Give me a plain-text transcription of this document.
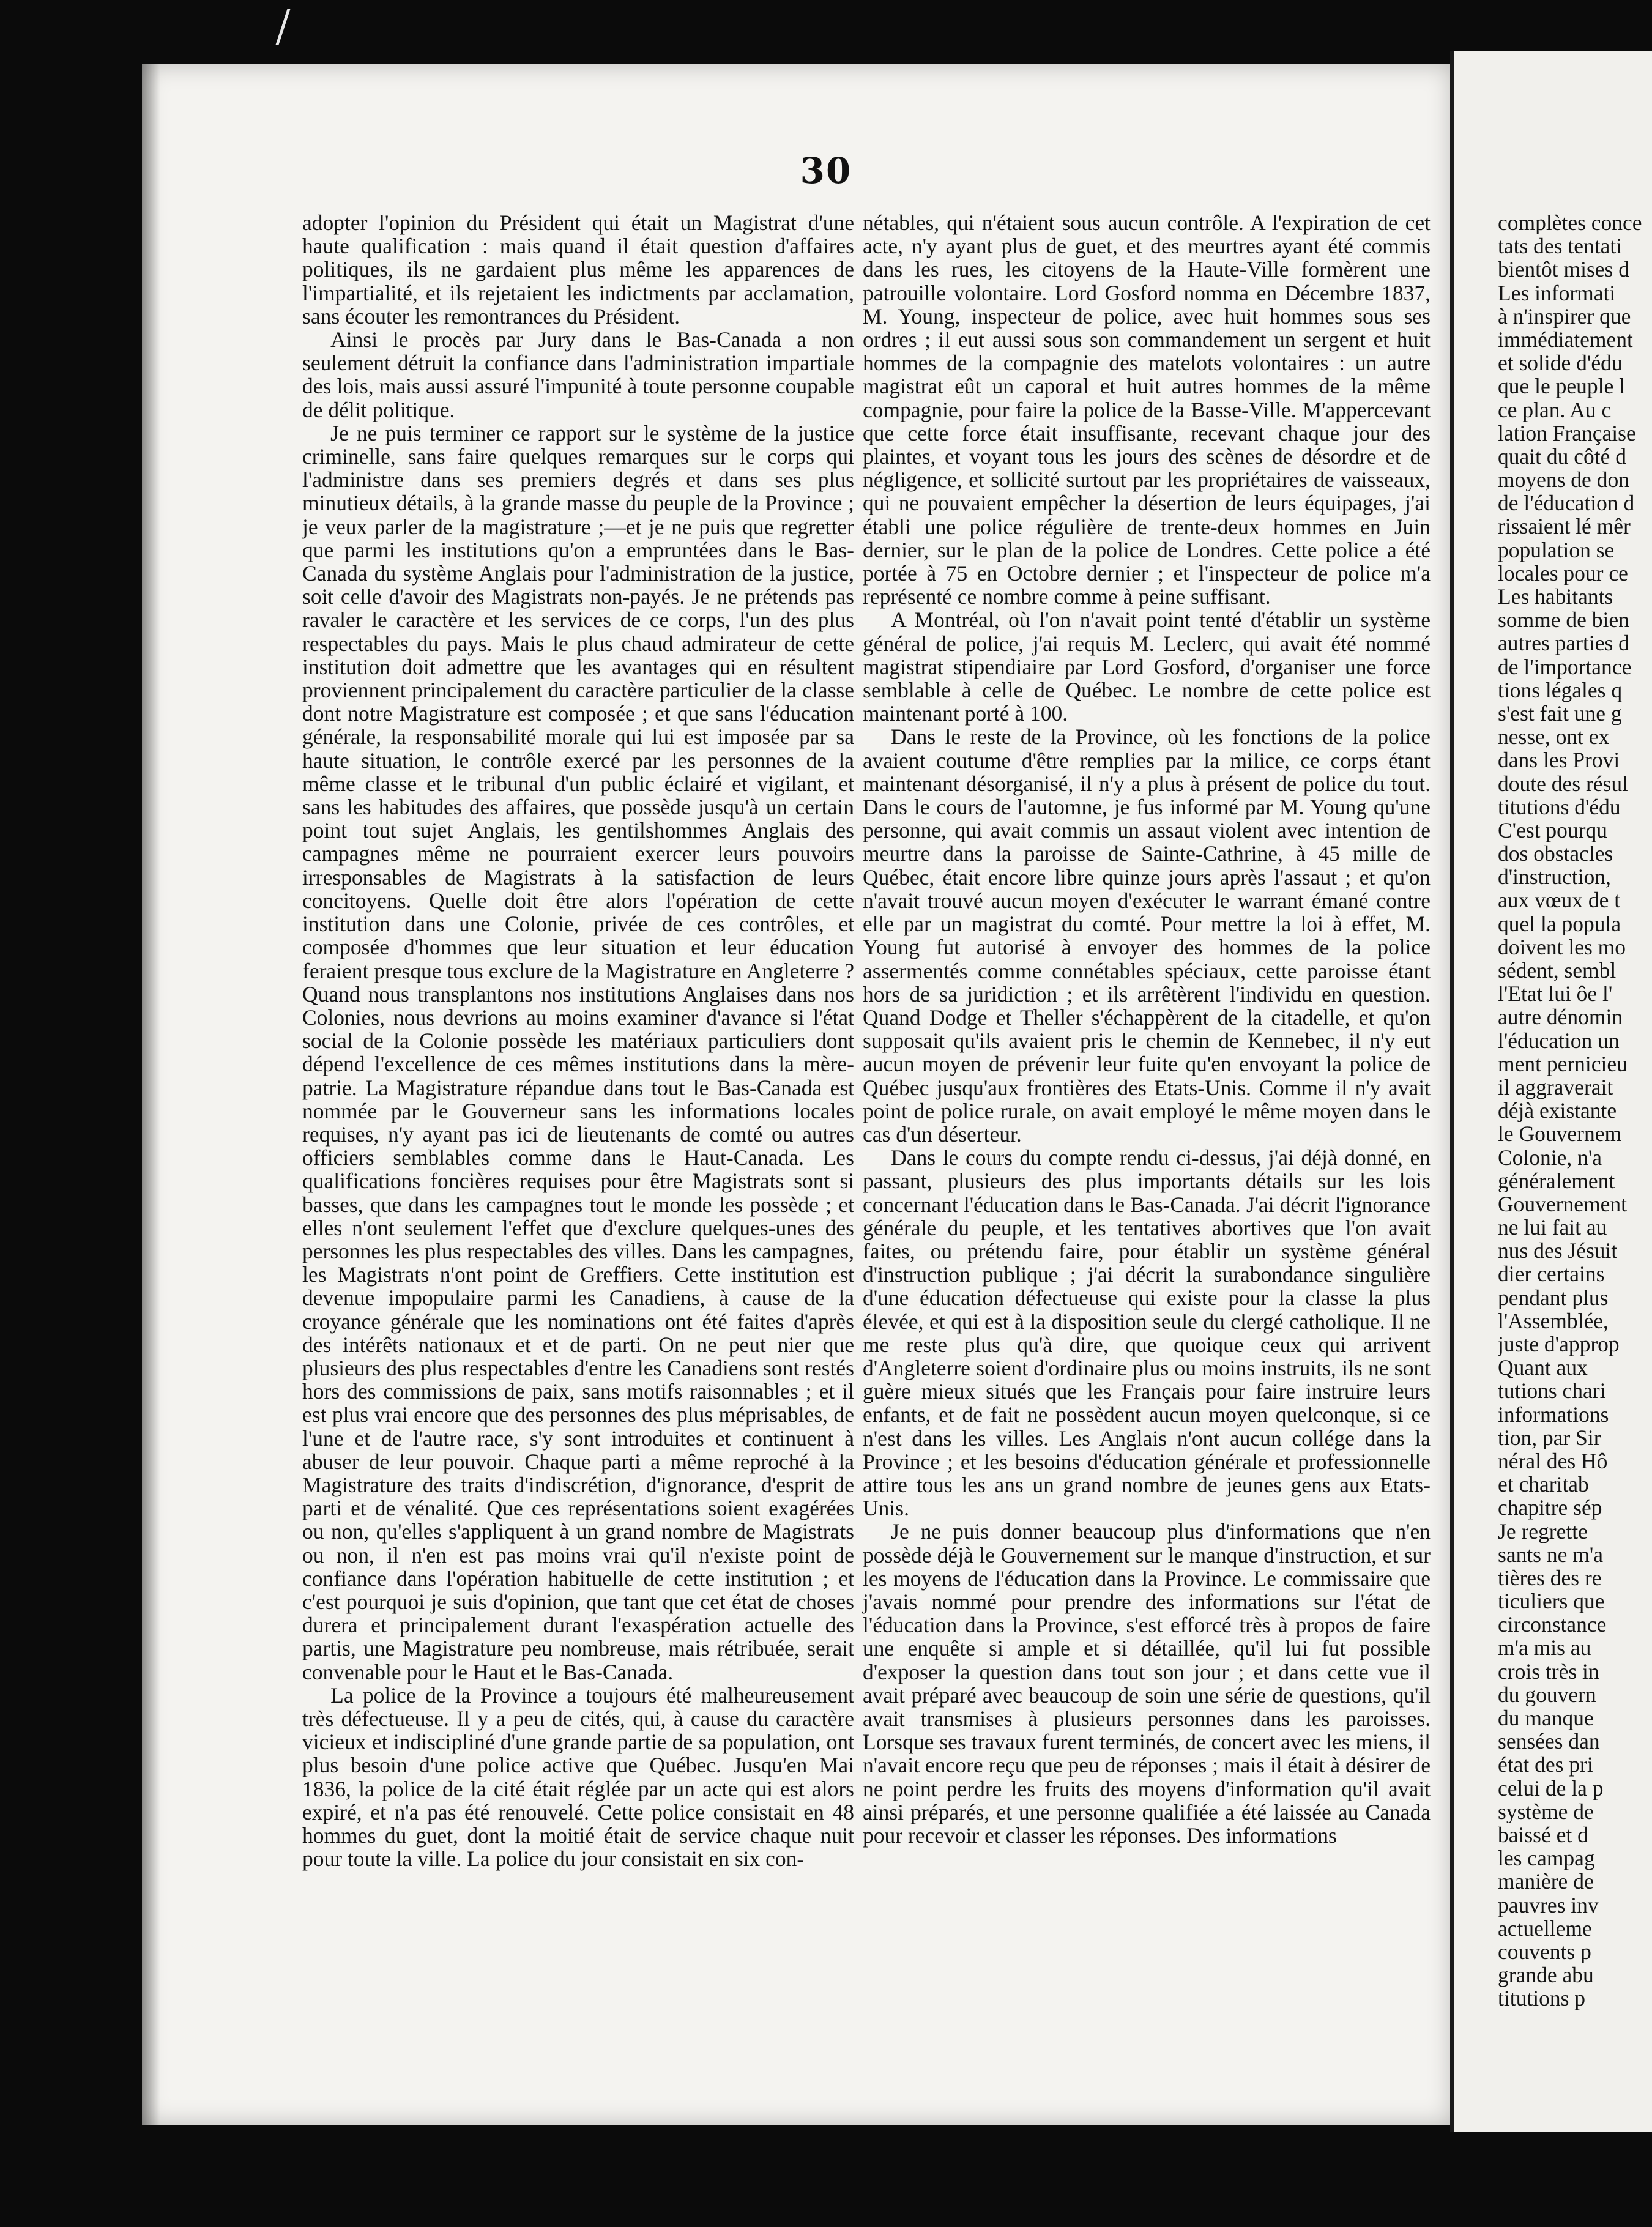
30

adopter l'opinion du Président qui était un Magistrat d'une haute qualification : mais quand il était question d'affaires politiques, ils ne gardaient plus même les apparences de l'impartialité, et ils rejetaient les indictments par acclamation, sans écouter les remontrances du Président.

Ainsi le procès par Jury dans le Bas-Canada a non seulement détruit la confiance dans l'administration impartiale des lois, mais aussi assuré l'impunité à toute personne coupable de délit politique.

Je ne puis terminer ce rapport sur le système de la justice criminelle, sans faire quelques remarques sur le corps qui l'administre dans ses premiers degrés et dans ses plus minutieux détails, à la grande masse du peuple de la Province ; je veux parler de la magistrature ;—et je ne puis que regretter que parmi les institutions qu'on a empruntées dans le Bas-Canada du système Anglais pour l'administration de la justice, soit celle d'avoir des Magistrats non-payés. Je ne prétends pas ravaler le caractère et les services de ce corps, l'un des plus respectables du pays. Mais le plus chaud admirateur de cette institution doit admettre que les avantages qui en résultent proviennent principalement du caractère particulier de la classe dont notre Magistrature est composée ; et que sans l'éducation générale, la responsabilité morale qui lui est imposée par sa haute situation, le contrôle exercé par les personnes de la même classe et le tribunal d'un public éclairé et vigilant, et sans les habitudes des affaires, que possède jusqu'à un certain point tout sujet Anglais, les gentilshommes Anglais des campagnes même ne pourraient exercer leurs pouvoirs irresponsables de Magistrats à la satisfaction de leurs concitoyens. Quelle doit être alors l'opération de cette institution dans une Colonie, privée de ces contrôles, et composée d'hommes que leur situation et leur éducation feraient presque tous exclure de la Magistrature en Angleterre ? Quand nous transplantons nos institutions Anglaises dans nos Colonies, nous devrions au moins examiner d'avance si l'état social de la Colonie possède les matériaux particuliers dont dépend l'excellence de ces mêmes institutions dans la mère-patrie. La Magistrature répandue dans tout le Bas-Canada est nommée par le Gouverneur sans les informations locales requises, n'y ayant pas ici de lieutenants de comté ou autres officiers semblables comme dans le Haut-Canada. Les qualifications foncières requises pour être Magistrats sont si basses, que dans les campagnes tout le monde les possède ; et elles n'ont seulement l'effet que d'exclure quelques-unes des personnes les plus respectables des villes. Dans les campagnes, les Magistrats n'ont point de Greffiers. Cette institution est devenue impopulaire parmi les Canadiens, à cause de la croyance générale que les nominations ont été faites d'après des intérêts nationaux et et de parti. On ne peut nier que plusieurs des plus respectables d'entre les Canadiens sont restés hors des commissions de paix, sans motifs raisonnables ; et il est plus vrai encore que des personnes des plus méprisables, de l'une et de l'autre race, s'y sont introduites et continuent à abuser de leur pouvoir. Chaque parti a même reproché à la Magistrature des traits d'indiscrétion, d'ignorance, d'esprit de parti et de vénalité. Que ces représentations soient exagérées ou non, qu'elles s'appliquent à un grand nombre de Magistrats ou non, il n'en est pas moins vrai qu'il n'existe point de confiance dans l'opération habituelle de cette institution ; et c'est pourquoi je suis d'opinion, que tant que cet état de choses durera et principalement durant l'exaspération actuelle des partis, une Magistrature peu nombreuse, mais rétribuée, serait convenable pour le Haut et le Bas-Canada.

La police de la Province a toujours été malheureusement très défectueuse. Il y a peu de cités, qui, à cause du caractère vicieux et indiscipliné d'une grande partie de sa population, ont plus besoin d'une police active que Québec. Jusqu'en Mai 1836, la police de la cité était réglée par un acte qui est alors expiré, et n'a pas été renouvelé. Cette police consistait en 48 hommes du guet, dont la moitié était de service chaque nuit pour toute la ville. La police du jour consistait en six con-

nétables, qui n'étaient sous aucun contrôle. A l'expiration de cet acte, n'y ayant plus de guet, et des meurtres ayant été commis dans les rues, les citoyens de la Haute-Ville formèrent une patrouille volontaire. Lord Gosford nomma en Décembre 1837, M. Young, inspecteur de police, avec huit hommes sous ses ordres ; il eut aussi sous son commandement un sergent et huit hommes de la compagnie des matelots volontaires : un autre magistrat eût un caporal et huit autres hommes de la même compagnie, pour faire la police de la Basse-Ville. M'appercevant que cette force était insuffisante, recevant chaque jour des plaintes, et voyant tous les jours des scènes de désordre et de négligence, et sollicité surtout par les propriétaires de vaisseaux, qui ne pouvaient empêcher la désertion de leurs équipages, j'ai établi une police régulière de trente-deux hommes en Juin dernier, sur le plan de la police de Londres. Cette police a été portée à 75 en Octobre dernier ; et l'inspecteur de police m'a représenté ce nombre comme à peine suffisant.

A Montréal, où l'on n'avait point tenté d'établir un système général de police, j'ai requis M. Leclerc, qui avait été nommé magistrat stipendiaire par Lord Gosford, d'organiser une force semblable à celle de Québec. Le nombre de cette police est maintenant porté à 100.

Dans le reste de la Province, où les fonctions de la police avaient coutume d'être remplies par la milice, ce corps étant maintenant désorganisé, il n'y a plus à présent de police du tout. Dans le cours de l'automne, je fus informé par M. Young qu'une personne, qui avait commis un assaut violent avec intention de meurtre dans la paroisse de Sainte-Cathrine, à 45 mille de Québec, était encore libre quinze jours après l'assaut ; et qu'on n'avait trouvé aucun moyen d'exécuter le warrant émané contre elle par un magistrat du comté. Pour mettre la loi à effet, M. Young fut autorisé à envoyer des hommes de la police assermentés comme connétables spéciaux, cette paroisse étant hors de sa juridiction ; et ils arrêtèrent l'individu en question. Quand Dodge et Theller s'échappèrent de la citadelle, et qu'on supposait qu'ils avaient pris le chemin de Kennebec, il n'y eut aucun moyen de prévenir leur fuite qu'en envoyant la police de Québec jusqu'aux frontières des Etats-Unis. Comme il n'y avait point de police rurale, on avait employé le même moyen dans le cas d'un déserteur.

Dans le cours du compte rendu ci-dessus, j'ai déjà donné, en passant, plusieurs des plus importants détails sur les lois concernant l'éducation dans le Bas-Canada. J'ai décrit l'ignorance générale du peuple, et les tentatives abortives que l'on avait faites, ou prétendu faire, pour établir un système général d'instruction publique ; j'ai décrit la surabondance singulière d'une éducation défectueuse qui existe pour la classe la plus élevée, et qui est à la disposition seule du clergé catholique. Il ne me reste plus qu'à dire, que quoique ceux qui arrivent d'Angleterre soient d'ordinaire plus ou moins instruits, ils ne sont guère mieux situés que les Français pour faire instruire leurs enfants, et de fait ne possèdent aucun moyen quelconque, si ce n'est dans les villes. Les Anglais n'ont aucun collége dans la Province ; et les besoins d'éducation générale et professionnelle attire tous les ans un grand nombre de jeunes gens aux Etats-Unis.

Je ne puis donner beaucoup plus d'informations que n'en possède déjà le Gouvernement sur le manque d'instruction, et sur les moyens de l'éducation dans la Province. Le commissaire que j'avais nommé pour prendre des informations sur l'état de l'éducation dans la Province, s'est efforcé très à propos de faire une enquête si ample et si détaillée, qu'il lui fut possible d'exposer la question dans tout son jour ; et dans cette vue il avait préparé avec beaucoup de soin une série de questions, qu'il avait transmises à plusieurs personnes dans les paroisses. Lorsque ses travaux furent terminés, de concert avec les miens, il n'avait encore reçu que peu de réponses ; mais il était à désirer de ne point perdre les fruits des moyens d'information qu'il avait ainsi préparés, et une personne qualifiée a été laissée au Canada pour recevoir et classer les réponses. Des informations

complètes conce
tats des tentati
bientôt mises d
Les informati
à n'inspirer que
immédiatement
et solide d'édu
que le peuple l
ce plan. Au c
lation Française
quait du côté d
moyens de don
de l'éducation d
rissaient lé mêr
population se
locales pour ce
Les habitants
somme de bien
autres parties d
de l'importance
tions légales q
s'est fait une g
nesse, ont ex
dans les Provi
doute des résul
titutions d'édu
C'est pourqu
dos obstacles
d'instruction,
aux vœux de t
quel la popula
doivent les mo
sédent, sembl
l'Etat lui ôe l'
autre dénomin
l'éducation un
ment pernicieu
il aggraverait
déjà existante
le Gouvernem
Colonie, n'a
généralement
Gouvernement
ne lui fait au
nus des Jésuit
dier certains
pendant plus
l'Assemblée,
juste d'approp
Quant aux
tutions chari
informations
tion, par Sir
néral des Hô
et charitab
chapitre sép
Je regrette
sants ne m'a
tières des re
ticuliers que
circonstance
m'a mis au
crois très in
du gouvern
du manque
sensées dan
état des pri
celui de la p
système de
baissé et d
les campag
manière de
pauvres inv
actuelleme
couvents p
grande abu
titutions p
